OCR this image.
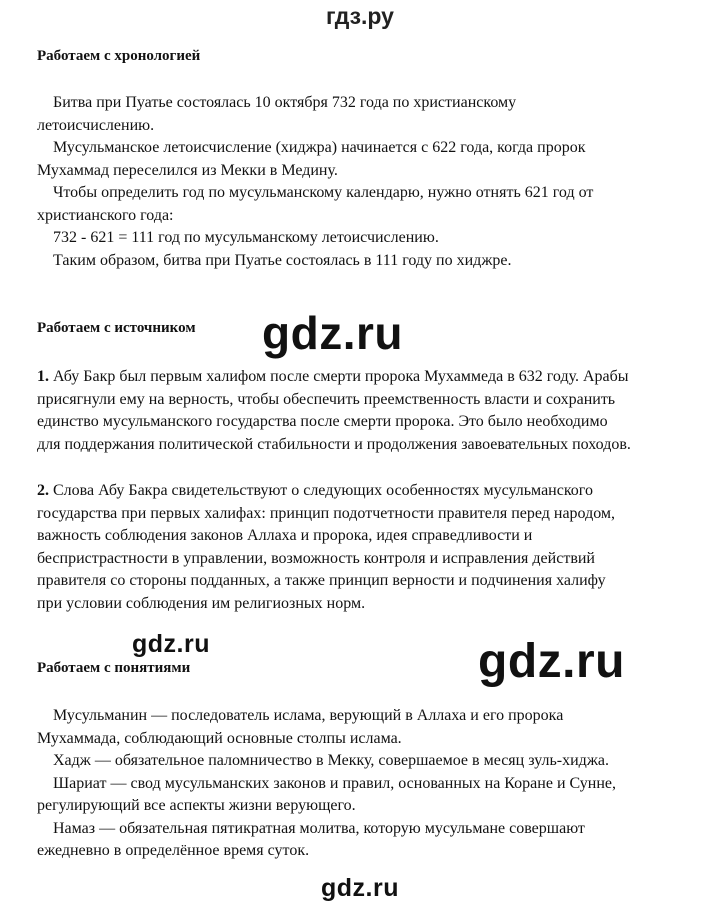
гдз.ру
Работаем с хронологией
Битва при Пуатье состоялась 10 октября 732 года по христианскому
летоисчислению.
Мусульманское летоисчисление (хиджра) начинается с 622 года, когда пророк
Мухаммад переселился из Мекки в Медину.
Чтобы определить год по мусульманскому календарю, нужно отнять 621 год от
христианского года:
732 - 621 = 111 год по мусульманскому летоисчислению.
Таким образом, битва при Пуатье состоялась в 111 году по хиджре.
Работаем с источником gdz.ru
1. Абу Бакр был первым халифом после смерти пророка Мухаммеда в 632 году. Арабы
присягнули ему на верность, чтобы обеспечить преемственность власти и сохранить
единство мусульманского государства после смерти пророка. Это было необходимо
для поддержания политической стабильности и продолжения завоевательных походов.
2. Слова Абу Бакра свидетельствуют о следующих особенностях мусульманского
государства при первых халифах: принцип подотчетности правителя перед народом,
важность соблюдения законов Аллаха и пророка, идея справедливости и
беспристрастности в управлении, возможность контроля и исправления действий
правителя со стороны подданных, а также принцип верности и подчинения халифу
при условии соблюдения им религиозных норм.
gdz.ru	gdz.ru
Работаем с понятиями
Мусульманин — последователь ислама, верующий в Аллаха и его пророка
Мухаммада, соблюдающий основные столпы ислама.
Хадж — обязательное паломничество в Мекку, совершаемое в месяц зуль-хиджа.
Шариат — свод мусульманских законов и правил, основанных на Коране и Сунне,
регулирующий все аспекты жизни верующего.
Намаз — обязательная пятикратная молитва, которую мусульмане совершают
ежедневно в определённое время суток.
gdz.ru
